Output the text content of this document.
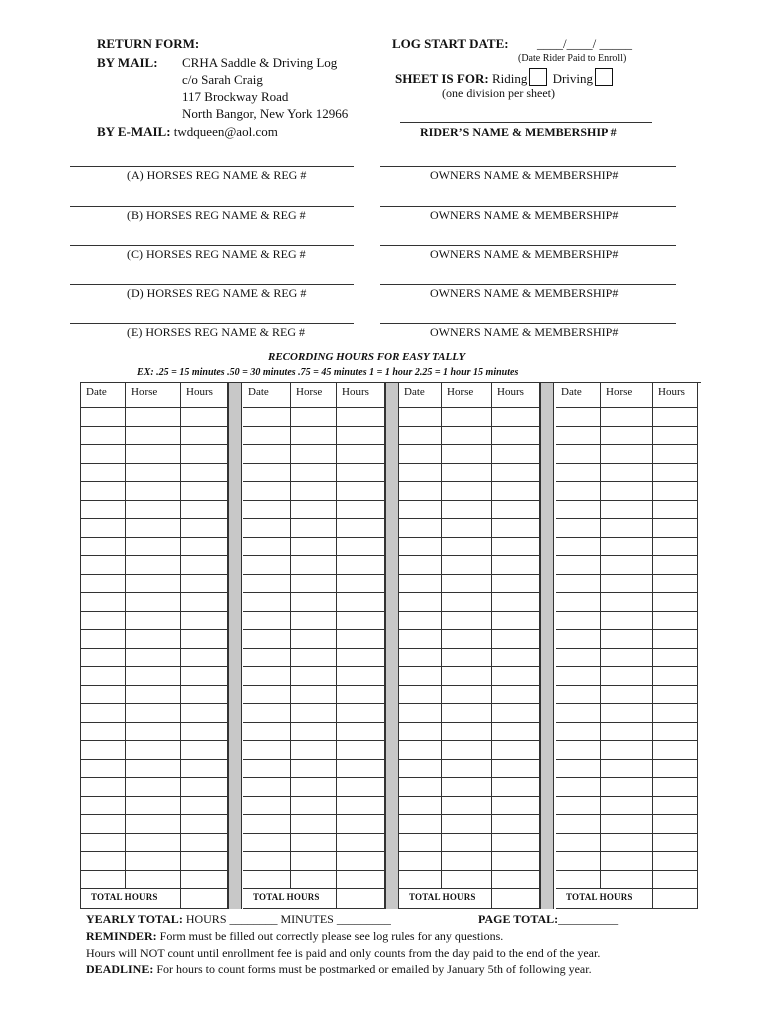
RETURN FORM:
BY MAIL: CRHA Saddle & Driving Log
c/o Sarah Craig
117 Brockway Road
North Bangor, New York 12966
BY E-MAIL: twdqueen@aol.com
LOG START DATE: ____/____/ _____
(Date Rider Paid to Enroll)
SHEET IS FOR: Riding Driving
(one division per sheet)
RIDER’S NAME & MEMBERSHIP #
(A) HORSES REG NAME & REG #	OWNERS NAME & MEMBERSHIP#
(B) HORSES REG NAME & REG #	OWNERS NAME & MEMBERSHIP#
(C) HORSES REG NAME & REG #	OWNERS NAME & MEMBERSHIP#
(D) HORSES REG NAME & REG #	OWNERS NAME & MEMBERSHIP#
(E) HORSES REG NAME & REG #	OWNERS NAME & MEMBERSHIP#
RECORDING HOURS FOR EASY TALLY
EX: .25 = 15 minutes .50 = 30 minutes .75 = 45 minutes 1 = 1 hour 2.25 = 1 hour 15 minutes
Date	Horse	Hours
TOTAL HOURS
Date	Horse	Hours
TOTAL HOURS
Date	Horse	Hours
TOTAL HOURS
Date	Horse	Hours
TOTAL HOURS
YEARLY TOTAL: HOURS ________ MINUTES _________	PAGE TOTAL:__________
REMINDER: Form must be filled out correctly please see log rules for any questions.
Hours will NOT count until enrollment fee is paid and only counts from the day paid to the end of the year.
DEADLINE: For hours to count forms must be postmarked or emailed by January 5th of following year.
